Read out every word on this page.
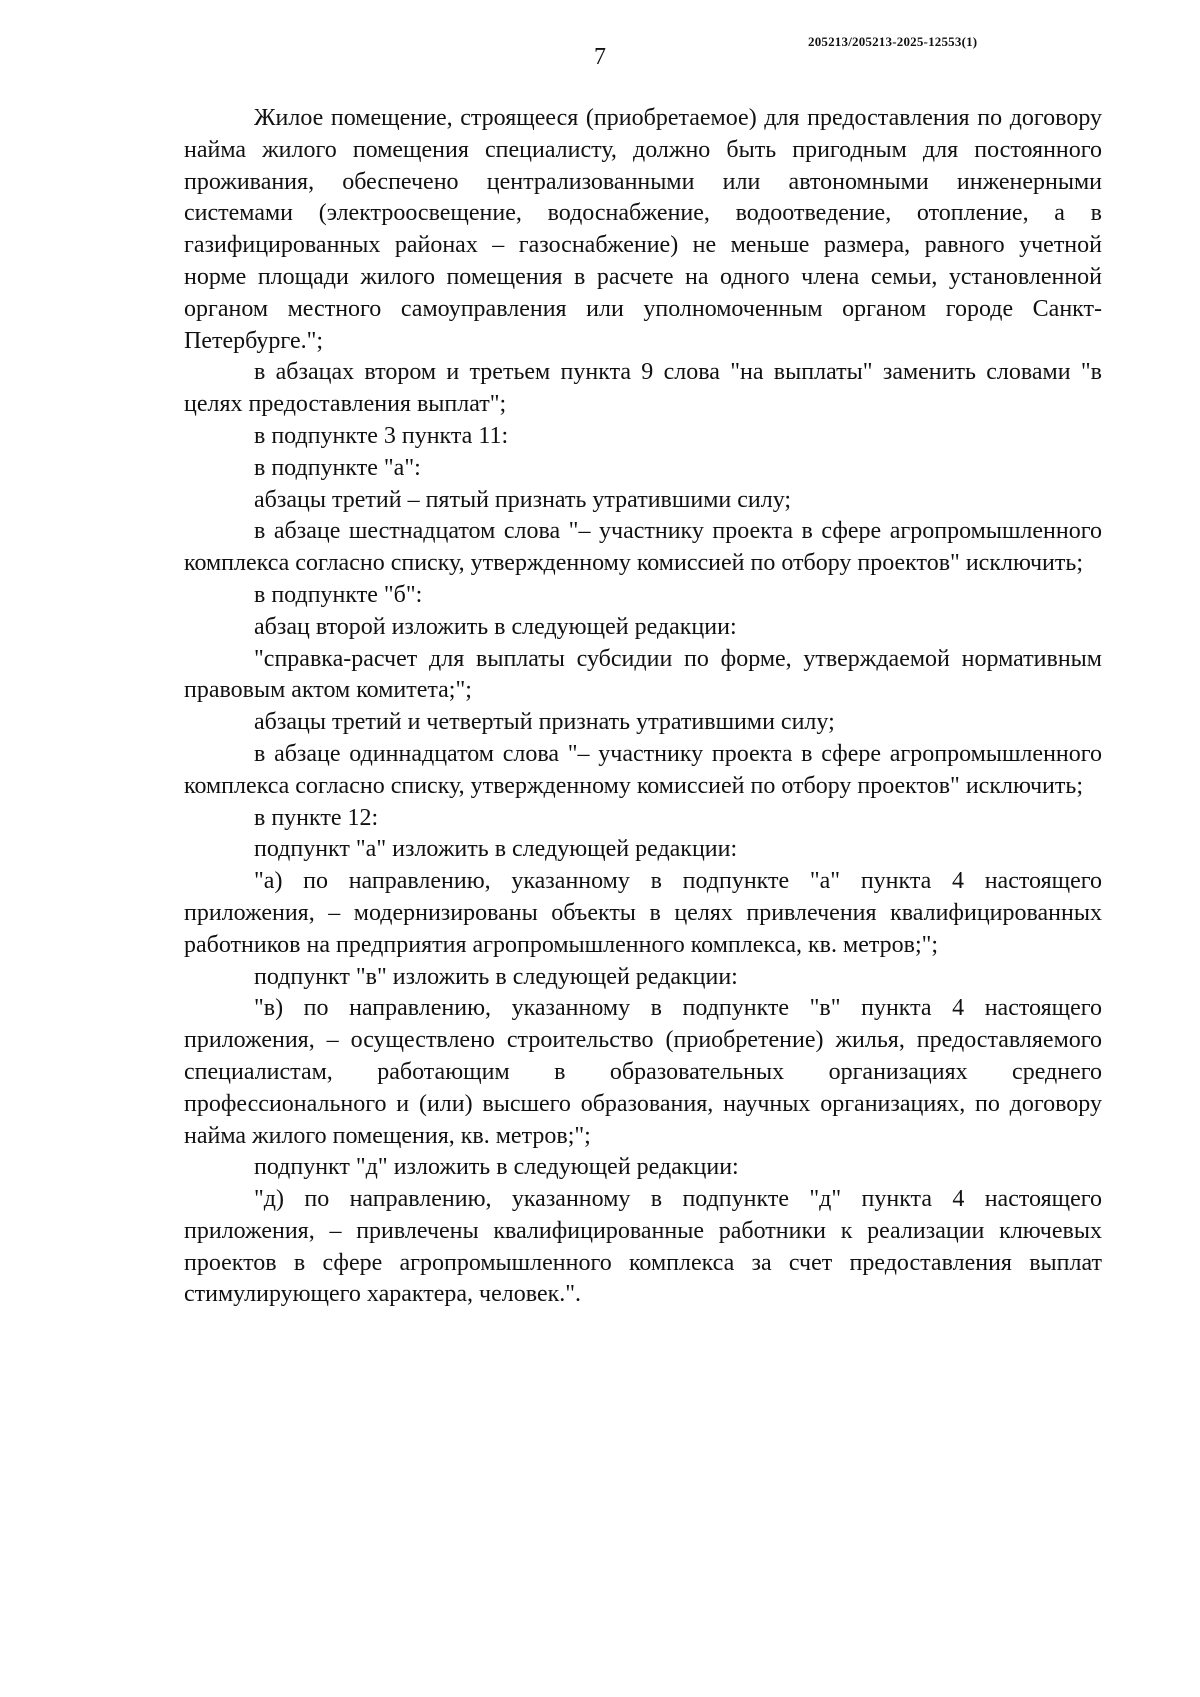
205213/205213-2025-12553(1)
7

Жилое помещение, строящееся (приобретаемое) для предоставления по договору найма жилого помещения специалисту, должно быть пригодным для постоянного проживания, обеспечено централизованными или автономными инженерными системами (электроосвещение, водоснабжение, водоотведение, отопление, а в газифицированных районах – газоснабжение) не меньше размера, равного учетной норме площади жилого помещения в расчете на одного члена семьи, установленной органом местного самоуправления или уполномоченным органом городе Санкт-Петербурге.";

в абзацах втором и третьем пункта 9 слова "на выплаты" заменить словами "в целях предоставления выплат";

в подпункте 3 пункта 11:

в подпункте "а":

абзацы третий – пятый признать утратившими силу;

в абзаце шестнадцатом слова "– участнику проекта в сфере агропромышленного комплекса согласно списку, утвержденному комиссией по отбору проектов" исключить;

в подпункте "б":

абзац второй изложить в следующей редакции:

"справка-расчет для выплаты субсидии по форме, утверждаемой нормативным правовым актом комитета;";

абзацы третий и четвертый признать утратившими силу;

в абзаце одиннадцатом слова "– участнику проекта в сфере агропромышленного комплекса согласно списку, утвержденному комиссией по отбору проектов" исключить;

в пункте 12:

подпункт "а" изложить в следующей редакции:

"а) по направлению, указанному в подпункте "а" пункта 4 настоящего приложения, – модернизированы объекты в целях привлечения квалифицированных работников на предприятия агропромышленного комплекса, кв. метров;";

подпункт "в" изложить в следующей редакции:

"в) по направлению, указанному в подпункте "в" пункта 4 настоящего приложения, – осуществлено строительство (приобретение) жилья, предоставляемого специалистам, работающим в образовательных организациях среднего профессионального и (или) высшего образования, научных организациях, по договору найма жилого помещения, кв. метров;";

подпункт "д" изложить в следующей редакции:

"д) по направлению, указанному в подпункте "д" пункта 4 настоящего приложения, – привлечены квалифицированные работники к реализации ключевых проектов в сфере агропромышленного комплекса за счет предоставления выплат стимулирующего характера, человек.".
